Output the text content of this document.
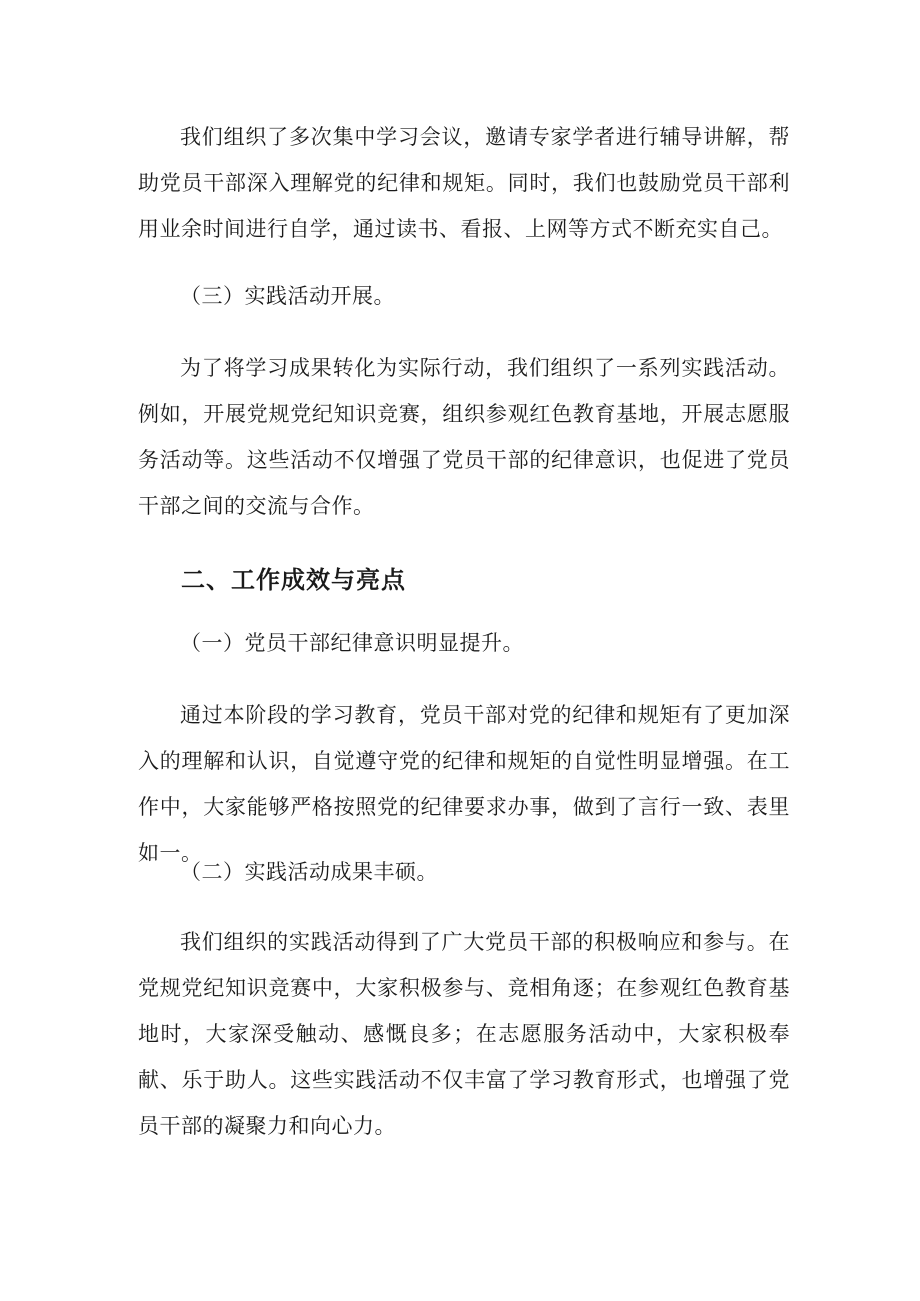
我们组织了多次集中学习会议，邀请专家学者进行辅导讲解，帮助党员干部深入理解党的纪律和规矩。同时，我们也鼓励党员干部利用业余时间进行自学，通过读书、看报、上网等方式不断充实自己。

（三）实践活动开展。

为了将学习成果转化为实际行动，我们组织了一系列实践活动。例如，开展党规党纪知识竞赛，组织参观红色教育基地，开展志愿服务活动等。这些活动不仅增强了党员干部的纪律意识，也促进了党员干部之间的交流与合作。

二、工作成效与亮点

（一）党员干部纪律意识明显提升。

通过本阶段的学习教育，党员干部对党的纪律和规矩有了更加深入的理解和认识，自觉遵守党的纪律和规矩的自觉性明显增强。在工作中，大家能够严格按照党的纪律要求办事，做到了言行一致、表里如一。

（二）实践活动成果丰硕。

我们组织的实践活动得到了广大党员干部的积极响应和参与。在党规党纪知识竞赛中，大家积极参与、竞相角逐；在参观红色教育基地时，大家深受触动、感慨良多；在志愿服务活动中，大家积极奉献、乐于助人。这些实践活动不仅丰富了学习教育形式，也增强了党员干部的凝聚力和向心力。
